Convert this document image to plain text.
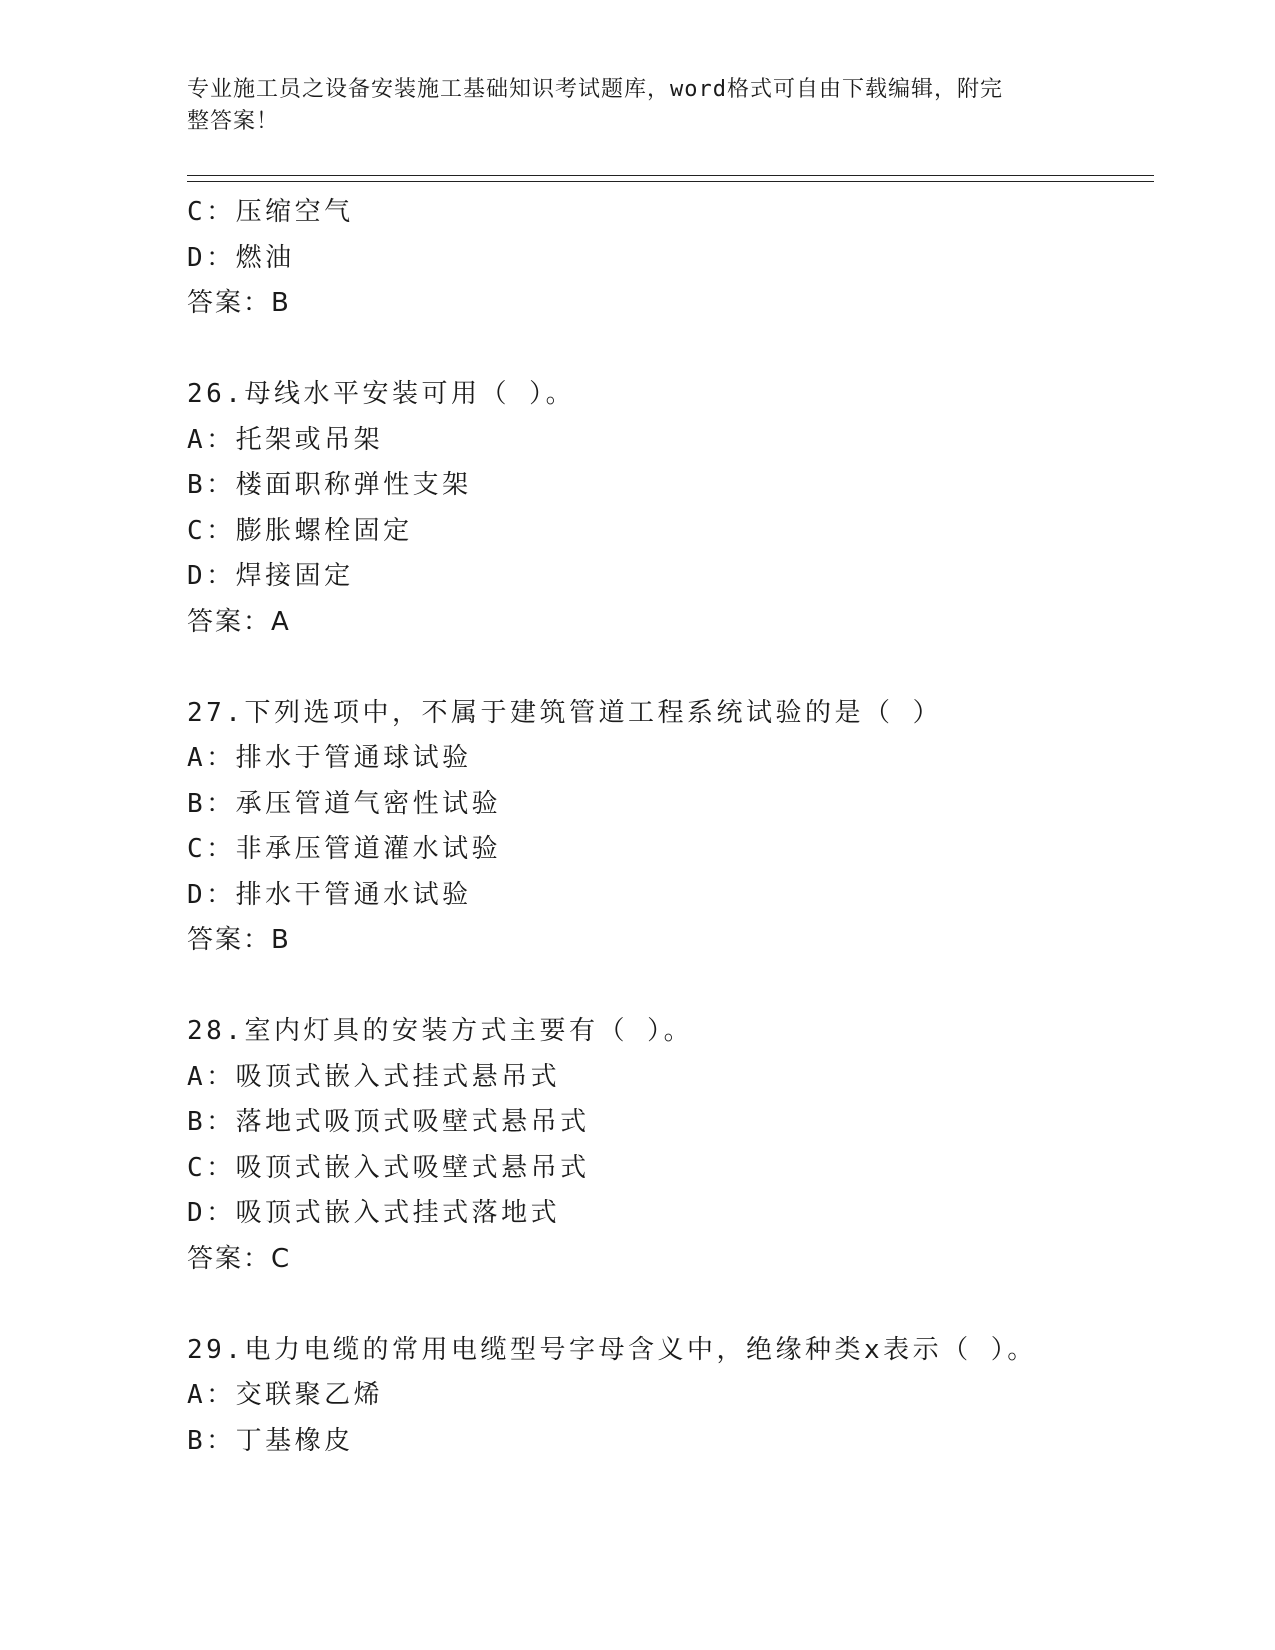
专业施工员之设备安装施工基础知识考试题库，word格式可自由下载编辑，附完
整答案！
C：压缩空气
D：燃油
答案：B
26.母线水平安装可用（ ）。
A：托架或吊架
B：楼面职称弹性支架
C：膨胀螺栓固定
D：焊接固定
答案：A
27.下列选项中，不属于建筑管道工程系统试验的是（ ）
A：排水于管通球试验
B：承压管道气密性试验
C：非承压管道灌水试验
D：排水干管通水试验
答案：B
28.室内灯具的安装方式主要有（ ）。
A：吸顶式嵌入式挂式悬吊式
B：落地式吸顶式吸壁式悬吊式
C：吸顶式嵌入式吸壁式悬吊式
D：吸顶式嵌入式挂式落地式
答案：C
29.电力电缆的常用电缆型号字母含义中，绝缘种类x表示（ ）。
A：交联聚乙烯
B：丁基橡皮
